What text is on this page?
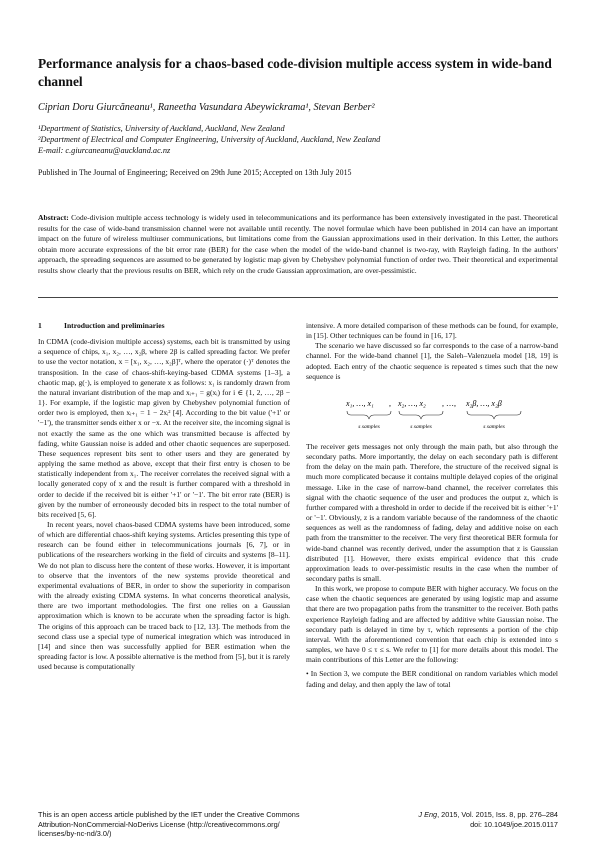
Performance analysis for a chaos-based code-division multiple access system in wide-band channel

Ciprian Doru Giurcăneanu¹, Raneetha Vasundara Abeywickrama¹, Stevan Berber²

¹Department of Statistics, University of Auckland, Auckland, New Zealand

²Department of Electrical and Computer Engineering, University of Auckland, Auckland, New Zealand

E-mail: c.giurcaneanu@auckland.ac.nz

Published in The Journal of Engineering; Received on 29th June 2015; Accepted on 13th July 2015

Abstract: Code-division multiple access technology is widely used in telecommunications and its performance has been extensively investigated in the past. Theoretical results for the case of wide-band transmission channel were not available until recently. The novel formulae which have been published in 2014 can have an important impact on the future of wireless multiuser communications, but limitations come from the Gaussian approximations used in their derivation. In this Letter, the authors obtain more accurate expressions of the bit error rate (BER) for the case when the model of the wide-band channel is two-ray, with Rayleigh fading. In the authors' approach, the spreading sequences are assumed to be generated by logistic map given by Chebyshev polynomial function of order two. Their theoretical and experimental results show clearly that the previous results on BER, which rely on the crude Gaussian approximation, are over-pessimistic.

1	Introduction and preliminaries

In CDMA (code-division multiple access) systems, each bit is transmitted by using a sequence of chips, x₁, x₂, …, x₂β, where 2β is called spreading factor. We prefer to use the vector notation, x = [x₁, x₂, …, x₂β]ᵀ, where the operator (·)ᵀ denotes the transposition. In the case of chaos-shift-keying-based CDMA systems [1–3], a chaotic map, g(·), is employed to generate x as follows: x₁ is randomly drawn from the natural invariant distribution of the map and xᵢ₊₁ = g(xᵢ) for i ∈ {1, 2, …, 2β − 1}. For example, if the logistic map given by Chebyshev polynomial function of order two is employed, then xᵢ₊₁ = 1 − 2xᵢ² [4]. According to the bit value ('+1' or '−1'), the transmitter sends either x or −x. At the receiver site, the incoming signal is not exactly the same as the one which was transmitted because is affected by fading, white Gaussian noise is added and other chaotic sequences are superposed. These sequences represent bits sent to other users and they are generated by applying the same method as above, except that their first entry is chosen to be statistically independent from x₁. The receiver correlates the received signal with a locally generated copy of x and the result is further compared with a threshold in order to decide if the received bit is either '+1' or '−1'. The bit error rate (BER) is given by the number of erroneously decoded bits in respect to the total number of bits received [5, 6].

In recent years, novel chaos-based CDMA systems have been introduced, some of which are differential chaos-shift keying systems. Articles presenting this type of research can be found either in telecommunications journals [6, 7], or in publications of the researchers working in the field of circuits and systems [8–11]. We do not plan to discuss here the content of these works. However, it is important to observe that the inventors of the new systems provide theoretical and experimental evaluations of BER, in order to show the superiority in comparison with the already existing CDMA systems. In what concerns theoretical analysis, there are two important methodologies. The first one relies on a Gaussian approximation which is known to be accurate when the spreading factor is high. The origins of this approach can be traced back to [12, 13]. The methods from the second class use a special type of numerical integration which was introduced in [14] and since then was successfully applied for BER estimation when the spreading factor is low. A possible alternative is the method from [5], but it is rarely used because is computationally

intensive. A more detailed comparison of these methods can be found, for example, in [15]. Other techniques can be found in [16, 17].

The scenario we have discussed so far corresponds to the case of a narrow-band channel. For the wide-band channel [1], the Saleh–Valenzuela model [18, 19] is adopted. Each entry of the chaotic sequence is repeated s times such that the new sequence is

x₁, …, x₁ , x₂, …, x₂ , …, x₂β, …, x₂β
s samples	s samples	s samples

The receiver gets messages not only through the main path, but also through the secondary paths. More importantly, the delay on each secondary path is different from the delay on the main path. Therefore, the structure of the received signal is much more complicated because it contains multiple delayed copies of the original message. Like in the case of narrow-band channel, the receiver correlates this signal with the chaotic sequence of the user and produces the output z, which is further compared with a threshold in order to decide if the received bit is either '+1' or '−1'. Obviously, z is a random variable because of the randomness of the chaotic sequences as well as the randomness of fading, delay and additive noise on each path from the transmitter to the receiver. The very first theoretical BER formula for wide-band channel was recently derived, under the assumption that z is Gaussian distributed [1]. However, there exists empirical evidence that this crude approximation leads to over-pessimistic results in the case when the number of secondary paths is small.

In this work, we propose to compute BER with higher accuracy. We focus on the case when the chaotic sequences are generated by using logistic map and assume that there are two propagation paths from the transmitter to the receiver. Both paths experience Rayleigh fading and are affected by additive white Gaussian noise. The secondary path is delayed in time by τ, which represents a portion of the chip interval. With the aforementioned convention that each chip is extended into s samples, we have 0 ≤ τ ≤ s. We refer to [1] for more details about this model. The main contributions of this Letter are the following:

• In Section 3, we compute the BER conditional on random variables which model fading and delay, and then apply the law of total

This is an open access article published by the IET under the Creative Commons

Attribution-NonCommercial-NoDerivs License (http://creativecommons.org/

licenses/by-nc-nd/3.0/)

J Eng, 2015, Vol. 2015, Iss. 8, pp. 276–284

doi: 10.1049/joe.2015.0117
